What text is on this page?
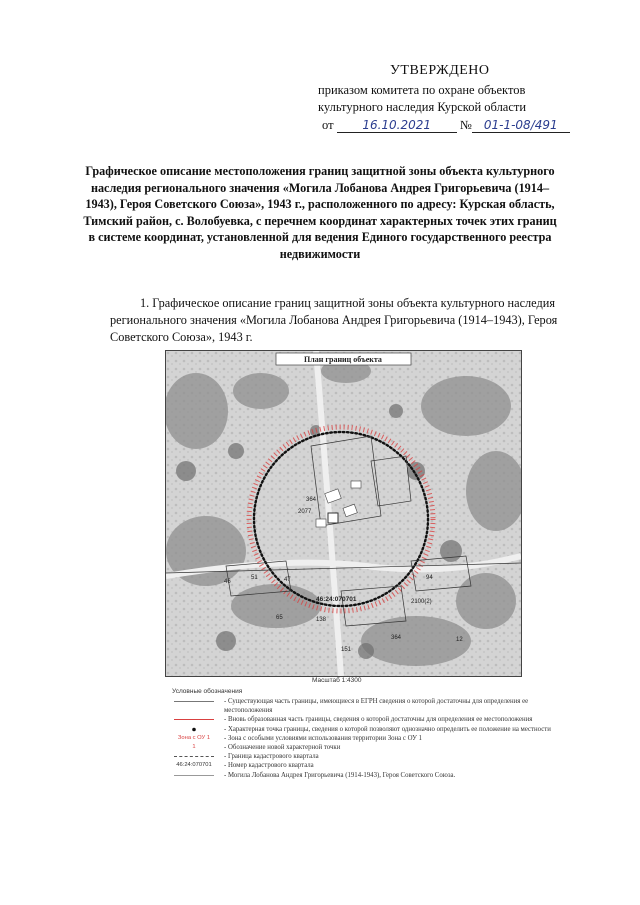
УТВЕРЖДЕНО
приказом комитета по охране объектов
культурного наследия Курской области
от 16.10.2021 № 01-1-08/491
Графическое описание местоположения границ защитной зоны объекта культурного наследия регионального значения «Могила Лобанова Андрея Григорьевича (1914–1943), Героя Советского Союза», 1943 г., расположенного по адресу: Курская область, Тимский район, с. Волобуевка, с перечнем координат характерных точек этих границ в системе координат, установленной для ведения Единого государственного реестра недвижимости
1. Графическое описание границ защитной зоны объекта культурного наследия регионального значения «Могила Лобанова Андрея Григорьевича (1914–1943), Героя Советского Союза», 1943 г.
План границ объекта
364
2077
51	47
46
65	138
151
12
364
2100(2)
94
46:24:070701
Масштаб 1:4300
Условные обозначения
- Существующая часть границы, имеющиеся в ЕГРН сведения о которой достаточны для определения ее местоположения
- Вновь образованная часть границы, сведения о которой достаточны для определения ее местоположения
- Характерная точка границы, сведения о которой позволяют однозначно определить ее положение на местности
Зона с ОУ 1	- Зона с особыми условиями использования территории Зона с ОУ 1
1	- Обозначение новой характерной точки
- Граница кадастрового квартала
46:24:070701	- Номер кадастрового квартала
- Могила Лобанова Андрея Григорьевича (1914-1943), Героя Советского Союза.
